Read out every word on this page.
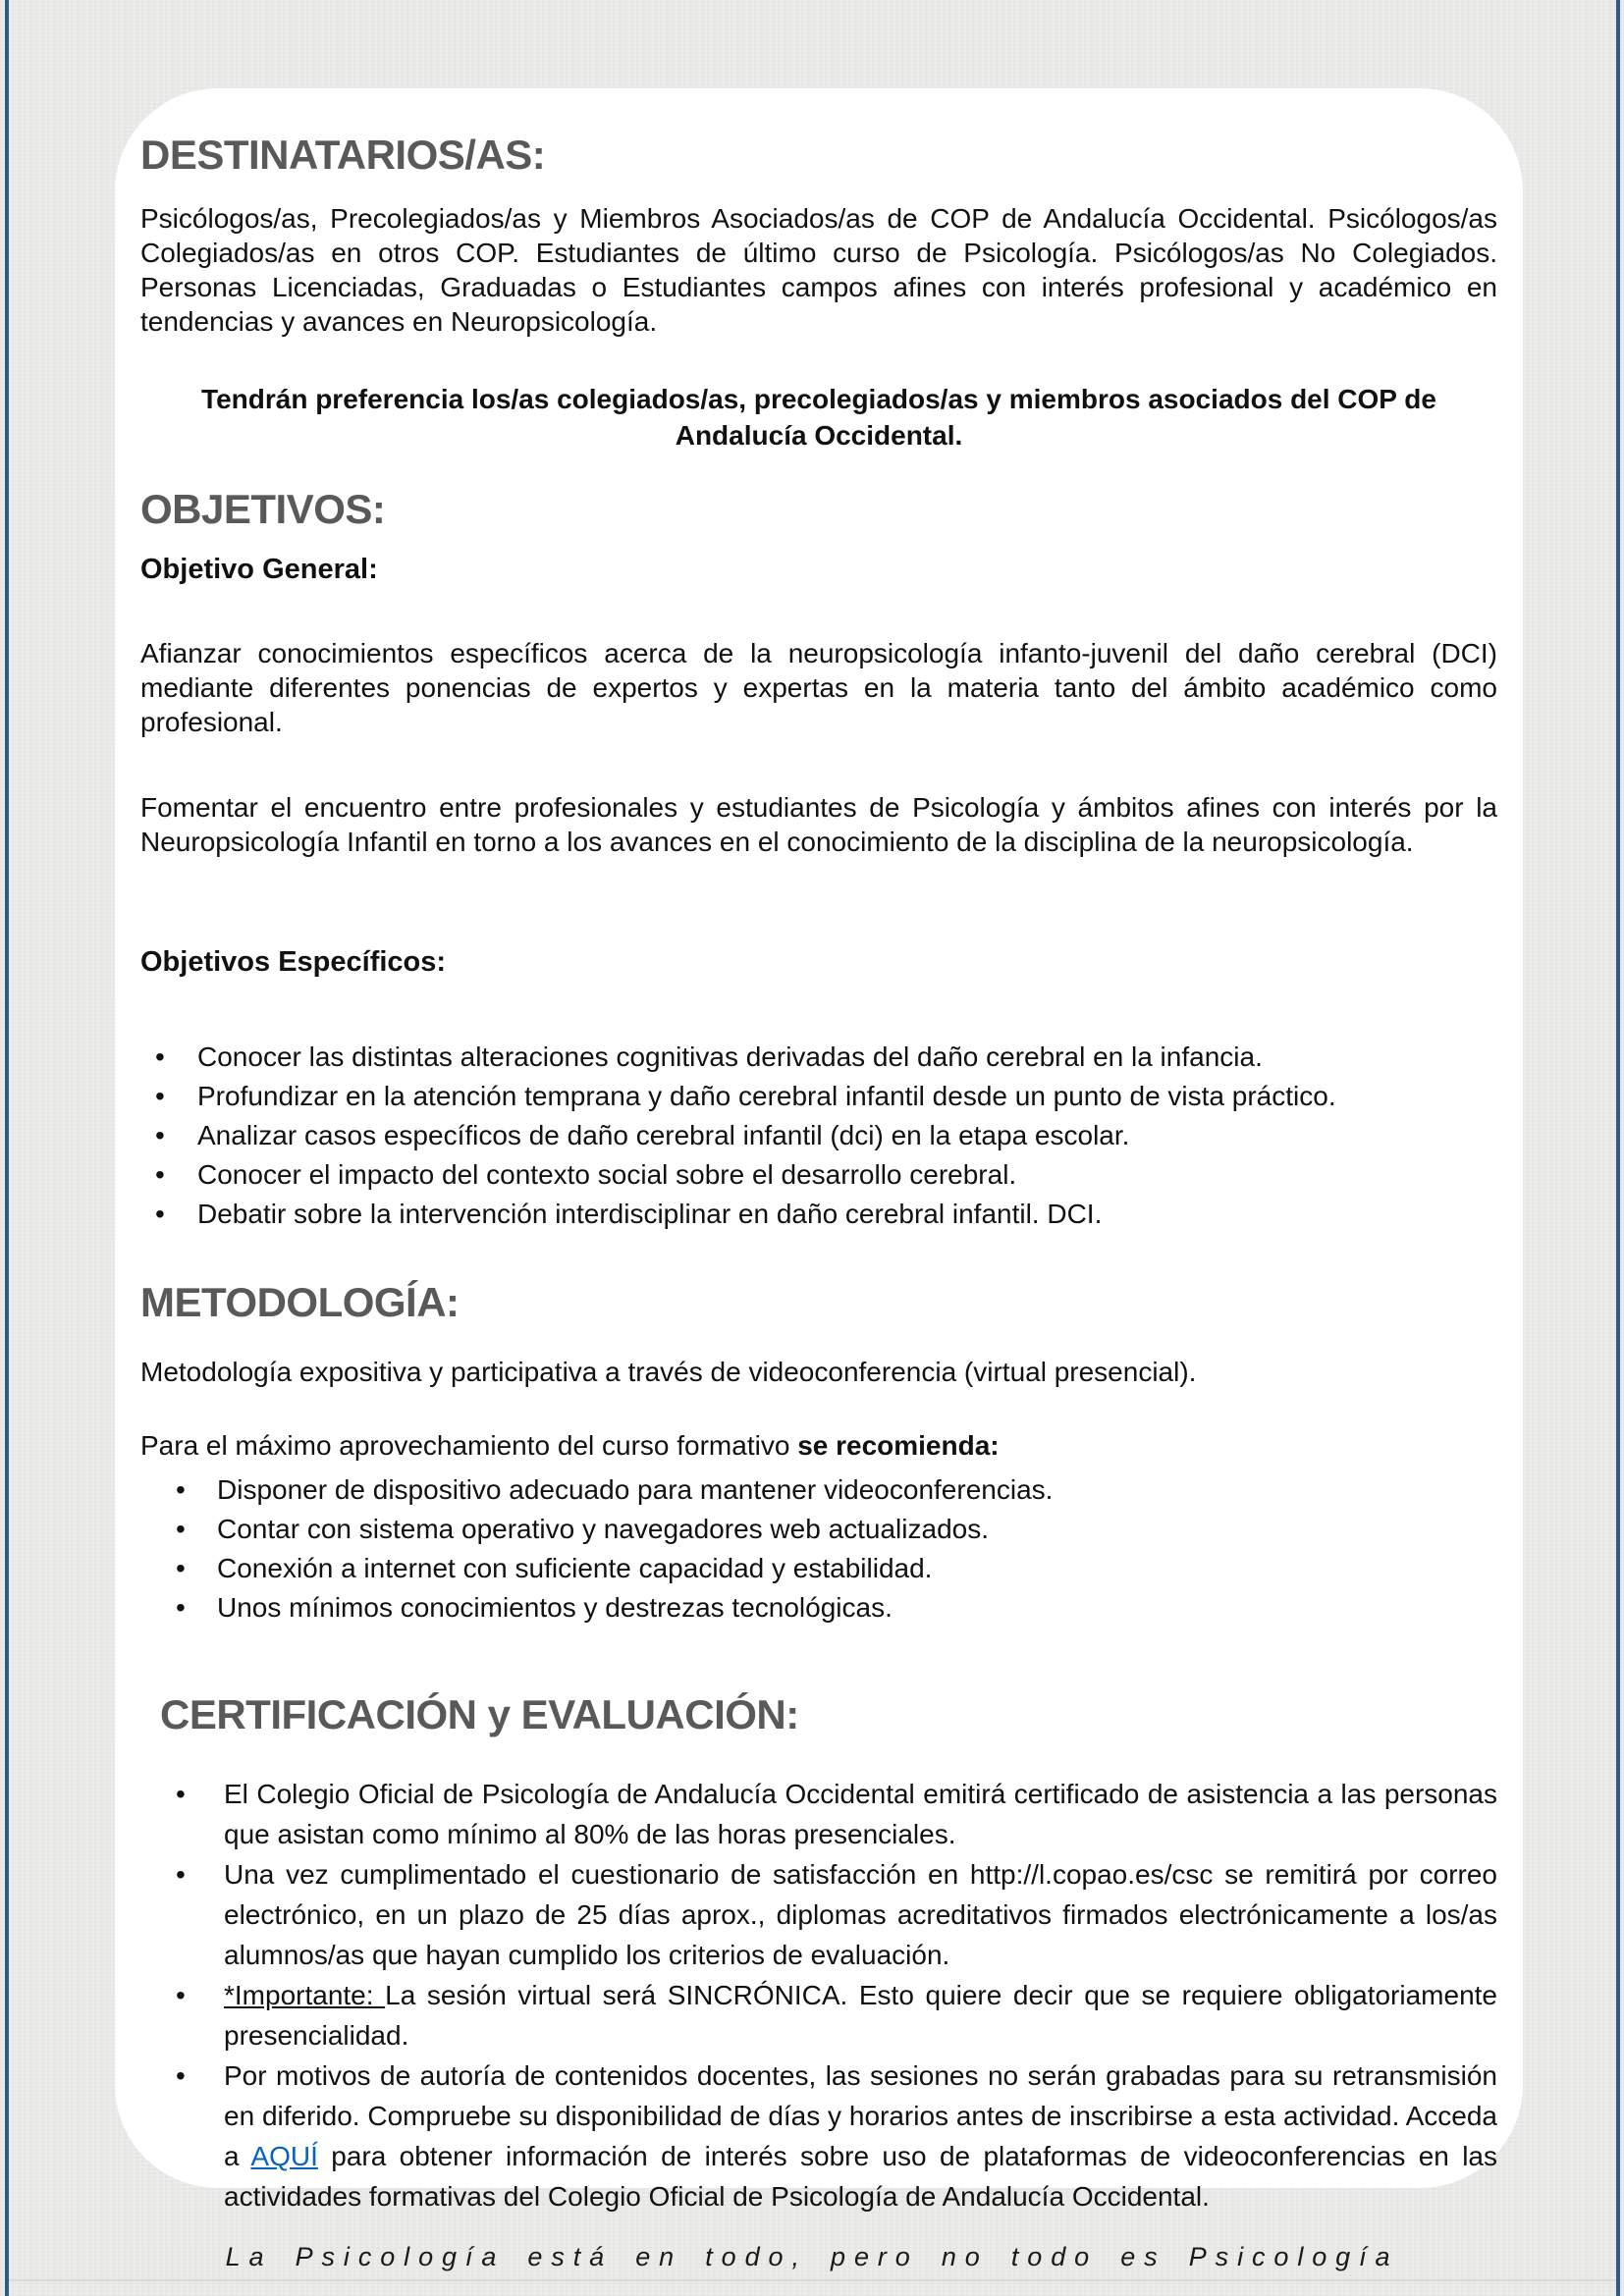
DESTINATARIOS/AS:

Psicólogos/as, Precolegiados/as y Miembros Asociados/as de COP de Andalucía Occidental. Psicólogos/as Colegiados/as en otros COP. Estudiantes de último curso de Psicología. Psicólogos/as No Colegiados. Personas Licenciadas, Graduadas o Estudiantes campos afines con interés profesional y académico en tendencias y avances en Neuropsicología.

Tendrán preferencia los/as colegiados/as, precolegiados/as y miembros asociados del COP de Andalucía Occidental.

OBJETIVOS:
Objetivo General:

Afianzar conocimientos específicos acerca de la neuropsicología infanto-juvenil del daño cerebral (DCI) mediante diferentes ponencias de expertos y expertas en la materia tanto del ámbito académico como profesional.

Fomentar el encuentro entre profesionales y estudiantes de Psicología y ámbitos afines con interés por la Neuropsicología Infantil en torno a los avances en el conocimiento de la disciplina de la neuropsicología.

Objetivos Específicos:
• Conocer las distintas alteraciones cognitivas derivadas del daño cerebral en la infancia.
• Profundizar en la atención temprana y daño cerebral infantil desde un punto de vista práctico.
• Analizar casos específicos de daño cerebral infantil (dci) en la etapa escolar.
• Conocer el impacto del contexto social sobre el desarrollo cerebral.
• Debatir sobre la intervención interdisciplinar en daño cerebral infantil. DCI.
METODOLOGÍA:

Metodología expositiva y participativa a través de videoconferencia (virtual presencial).

Para el máximo aprovechamiento del curso formativo se recomienda:

• Disponer de dispositivo adecuado para mantener videoconferencias.
• Contar con sistema operativo y navegadores web actualizados.
• Conexión a internet con suficiente capacidad y estabilidad.
• Unos mínimos conocimientos y destrezas tecnológicas.
CERTIFICACIÓN y EVALUACIÓN:
• El Colegio Oficial de Psicología de Andalucía Occidental emitirá certificado de asistencia a las personas que asistan como mínimo al 80% de las horas presenciales.
• Una vez cumplimentado el cuestionario de satisfacción en http://l.copao.es/csc se remitirá por correo electrónico, en un plazo de 25 días aprox., diplomas acreditativos firmados electrónicamente a los/as alumnos/as que hayan cumplido los criterios de evaluación.
• *Importante: La sesión virtual será SINCRÓNICA. Esto quiere decir que se requiere obligatoriamente presencialidad.
• Por motivos de autoría de contenidos docentes, las sesiones no serán grabadas para su retransmisión en diferido. Compruebe su disponibilidad de días y horarios antes de inscribirse a esta actividad. Acceda a AQUÍ para obtener información de interés sobre uso de plataformas de videoconferencias en las actividades formativas del Colegio Oficial de Psicología de Andalucía Occidental.
La Psicología está en todo, pero no todo es Psicología
